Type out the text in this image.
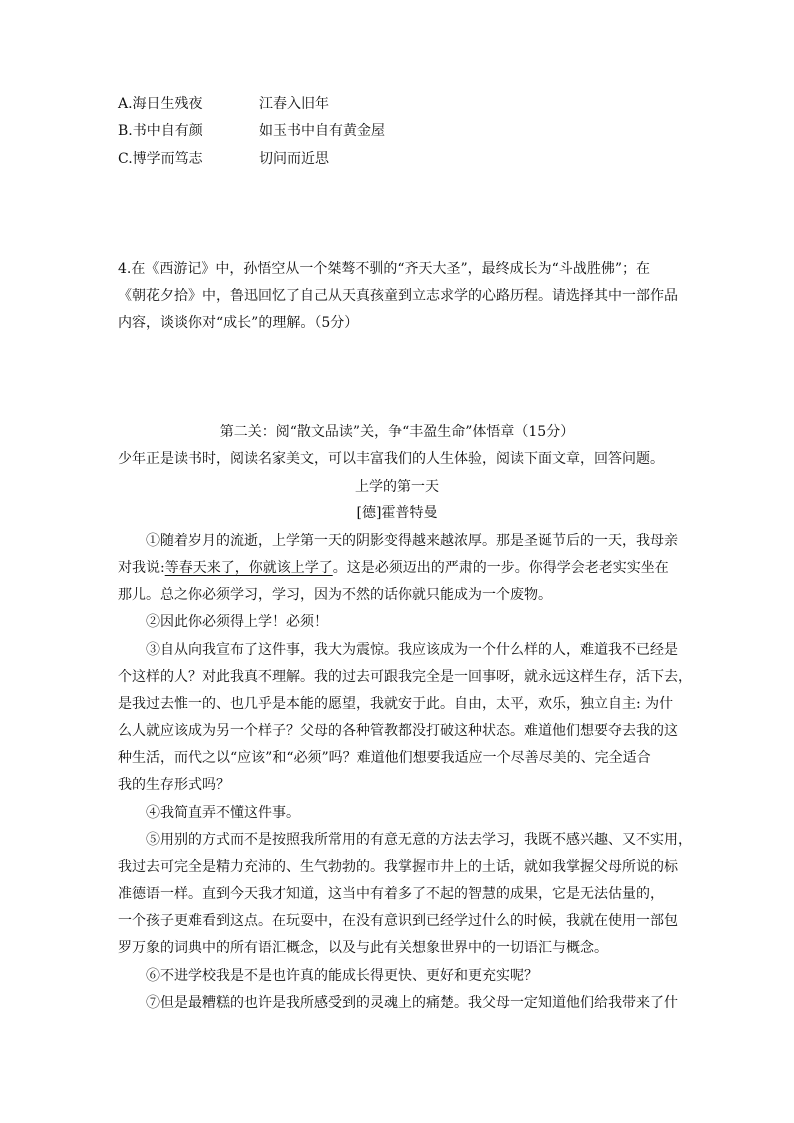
A.海日生残夜	江春入旧年
B.书中自有颜	如玉书中自有黄金屋
C.博学而笃志	切问而近思
4.在《西游记》中，孙悟空从一个桀骜不驯的“齐天大圣”，最终成长为“斗战胜佛”；在
《朝花夕拾》中，鲁迅回忆了自己从天真孩童到立志求学的心路历程。请选择其中一部作品
内容，谈谈你对“成长”的理解。（5分）
第二关：阅“散文品读”关，争“丰盈生命”体悟章（15分）
少年正是读书时，阅读名家美文，可以丰富我们的人生体验，阅读下面文章，回答问题。
上学的第一天
[德]霍普特曼
①随着岁月的流逝，上学第一天的阴影变得越来越浓厚。那是圣诞节后的一天，我母亲
对我说:等春天来了，你就该上学了。这是必须迈出的严肃的一步。你得学会老老实实坐在
那儿。总之你必须学习，学习，因为不然的话你就只能成为一个废物。
②因此你必须得上学！必须！
③自从向我宣布了这件事，我大为震惊。我应该成为一个什么样的人，难道我不已经是
个这样的人？对此我真不理解。我的过去可跟我完全是一回事呀，就永远这样生存，活下去，
是我过去惟一的、也几乎是本能的愿望，我就安于此。自由，太平，欢乐，独立自主: 为什
么人就应该成为另一个样子？父母的各种管教都没打破这种状态。难道他们想要夺去我的这
种生活，而代之以“应该”和“必须”吗？难道他们想要我适应一个尽善尽美的、完全适合
我的生存形式吗？
④我简直弄不懂这件事。
⑤用别的方式而不是按照我所常用的有意无意的方法去学习，我既不感兴趣、又不实用，
我过去可完全是精力充沛的、生气勃勃的。我掌握市井上的土话，就如我掌握父母所说的标
准德语一样。直到今天我才知道，这当中有着多了不起的智慧的成果，它是无法估量的，
一个孩子更难看到这点。在玩耍中，在没有意识到已经学过什么的时候，我就在使用一部包
罗万象的词典中的所有语汇概念，以及与此有关想象世界中的一切语汇与概念。
⑥不进学校我是不是也许真的能成长得更快、更好和更充实呢？
⑦但是最糟糕的也许是我所感受到的灵魂上的痛楚。我父母一定知道他们给我带来了什
